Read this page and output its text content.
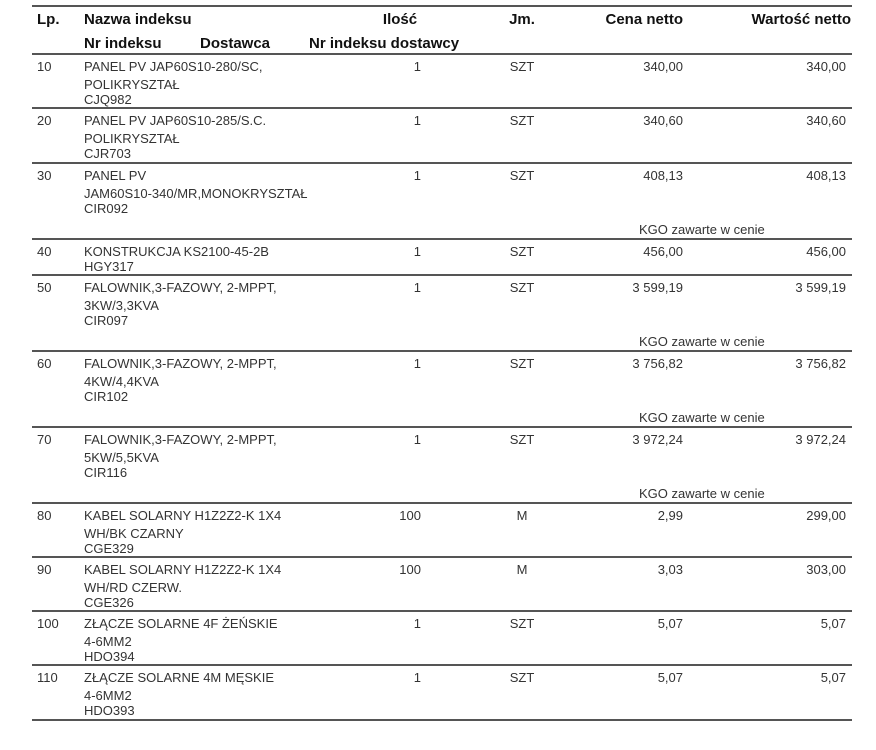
Lp. Nazwa indeksu	Ilość	Jm.	Cena netto	Wartość netto
Nr indeksu	Dostawca	Nr indeksu dostawcy
10	PANEL PV JAP60S10-280/SC,
POLIKRYSZTAŁ
CJQ982
1	SZT	340,00	340,00
20	PANEL PV JAP60S10-285/S.C.
POLIKRYSZTAŁ
CJR703
1	SZT	340,60	340,60
30	PANEL PV
JAM60S10-340/MR,MONOKRYSZTAŁ
CIR092
1	SZT	408,13	408,13
KGO zawarte w cenie
40	KONSTRUKCJA KS2100-45-2B
HGY317
1	SZT	456,00	456,00
50	FALOWNIK,3-FAZOWY, 2-MPPT,
3KW/3,3KVA
CIR097
1	SZT	3 599,19	3 599,19
KGO zawarte w cenie
60	FALOWNIK,3-FAZOWY, 2-MPPT,
4KW/4,4KVA
CIR102
1	SZT	3 756,82	3 756,82
KGO zawarte w cenie
70	FALOWNIK,3-FAZOWY, 2-MPPT,
5KW/5,5KVA
CIR116
1	SZT	3 972,24	3 972,24
KGO zawarte w cenie
80	KABEL SOLARNY H1Z2Z2-K 1X4
WH/BK CZARNY
CGE329
100	M	2,99	299,00
90	KABEL SOLARNY H1Z2Z2-K 1X4
WH/RD CZERW.
CGE326
100	M	3,03	303,00
100 ZŁĄCZE SOLARNE 4F ŻEŃSKIE
4-6MM2
HDO394
1	SZT	5,07	5,07
110 ZŁĄCZE SOLARNE 4M MĘSKIE
4-6MM2
HDO393
1	SZT	5,07	5,07
